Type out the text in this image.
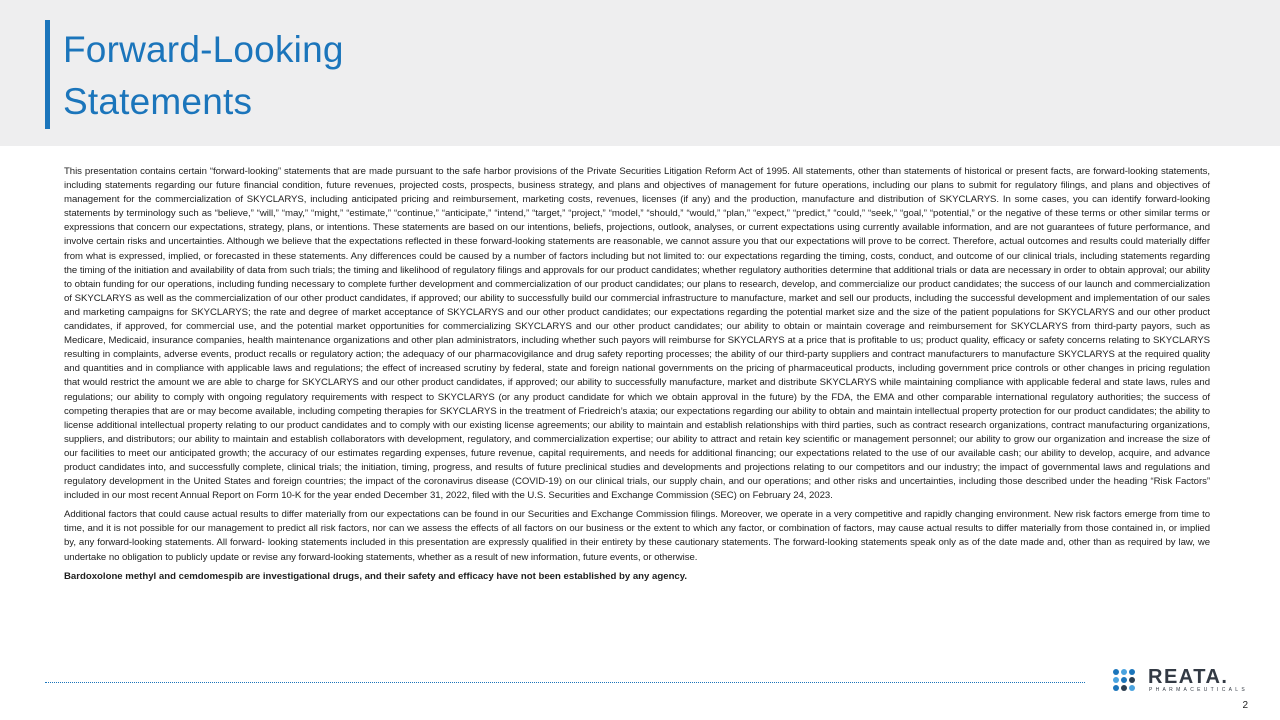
Forward-Looking
Statements

This presentation contains certain “forward-looking” statements that are made pursuant to the safe harbor provisions of the Private Securities Litigation Reform Act of 1995. All statements, other than statements of historical or present facts, are forward-looking statements, including statements regarding our future financial condition, future revenues, projected costs, prospects, business strategy, and plans and objectives of management for future operations, including our plans to submit for regulatory filings, and plans and objectives of management for the commercialization of SKYCLARYS, including anticipated pricing and reimbursement, marketing costs, revenues, licenses (if any) and the production, manufacture and distribution of SKYCLARYS. In some cases, you can identify forward-looking statements by terminology such as “believe,” “will,” “may,” “might,” “estimate,” “continue,” “anticipate,” “intend,” “target,” “project,” “model,” “should,” “would,” “plan,” “expect,” “predict,” “could,” “seek,” “goal,” “potential,” or the negative of these terms or other similar terms or expressions that concern our expectations, strategy, plans, or intentions. These statements are based on our intentions, beliefs, projections, outlook, analyses, or current expectations using currently available information, and are not guarantees of future performance, and involve certain risks and uncertainties. Although we believe that the expectations reflected in these forward-looking statements are reasonable, we cannot assure you that our expectations will prove to be correct. Therefore, actual outcomes and results could materially differ from what is expressed, implied, or forecasted in these statements. Any differences could be caused by a number of factors including but not limited to: our expectations regarding the timing, costs, conduct, and outcome of our clinical trials, including statements regarding the timing of the initiation and availability of data from such trials; the timing and likelihood of regulatory filings and approvals for our product candidates; whether regulatory authorities determine that additional trials or data are necessary in order to obtain approval; our ability to obtain funding for our operations, including funding necessary to complete further development and commercialization of our product candidates; our plans to research, develop, and commercialize our product candidates; the success of our launch and commercialization of SKYCLARYS as well as the commercialization of our other product candidates, if approved; our ability to successfully build our commercial infrastructure to manufacture, market and sell our products, including the successful development and implementation of our sales and marketing campaigns for SKYCLARYS; the rate and degree of market acceptance of SKYCLARYS and our other product candidates; our expectations regarding the potential market size and the size of the patient populations for SKYCLARYS and our other product candidates, if approved, for commercial use, and the potential market opportunities for commercializing SKYCLARYS and our other product candidates; our ability to obtain or maintain coverage and reimbursement for SKYCLARYS from third-party payors, such as Medicare, Medicaid, insurance companies, health maintenance organizations and other plan administrators, including whether such payors will reimburse for SKYCLARYS at a price that is profitable to us; product quality, efficacy or safety concerns relating to SKYCLARYS resulting in complaints, adverse events, product recalls or regulatory action; the adequacy of our pharmacovigilance and drug safety reporting processes; the ability of our third-party suppliers and contract manufacturers to manufacture SKYCLARYS at the required quality and quantities and in compliance with applicable laws and regulations; the effect of increased scrutiny by federal, state and foreign national governments on the pricing of pharmaceutical products, including government price controls or other changes in pricing regulation that would restrict the amount we are able to charge for SKYCLARYS and our other product candidates, if approved; our ability to successfully manufacture, market and distribute SKYCLARYS while maintaining compliance with applicable federal and state laws, rules and regulations; our ability to comply with ongoing regulatory requirements with respect to SKYCLARYS (or any product candidate for which we obtain approval in the future) by the FDA, the EMA and other comparable international regulatory authorities; the success of competing therapies that are or may become available, including competing therapies for SKYCLARYS in the treatment of Friedreich’s ataxia; our expectations regarding our ability to obtain and maintain intellectual property protection for our product candidates; the ability to license additional intellectual property relating to our product candidates and to comply with our existing license agreements; our ability to maintain and establish relationships with third parties, such as contract research organizations, contract manufacturing organizations, suppliers, and distributors; our ability to maintain and establish collaborators with development, regulatory, and commercialization expertise; our ability to attract and retain key scientific or management personnel; our ability to grow our organization and increase the size of our facilities to meet our anticipated growth; the accuracy of our estimates regarding expenses, future revenue, capital requirements, and needs for additional financing; our expectations related to the use of our available cash; our ability to develop, acquire, and advance product candidates into, and successfully complete, clinical trials; the initiation, timing, progress, and results of future preclinical studies and developments and projections relating to our competitors and our industry; the impact of governmental laws and regulations and regulatory development in the United States and foreign countries; the impact of the coronavirus disease (COVID-19) on our clinical trials, our supply chain, and our operations; and other risks and uncertainties, including those described under the heading “Risk Factors” included in our most recent Annual Report on Form 10-K for the year ended December 31, 2022, filed with the U.S. Securities and Exchange Commission (SEC) on February 24, 2023.

Additional factors that could cause actual results to differ materially from our expectations can be found in our Securities and Exchange Commission filings. Moreover, we operate in a very competitive and rapidly changing environment. New risk factors emerge from time to time, and it is not possible for our management to predict all risk factors, nor can we assess the effects of all factors on our business or the extent to which any factor, or combination of factors, may cause actual results to differ materially from those contained in, or implied by, any forward-looking statements. All forward- looking statements included in this presentation are expressly qualified in their entirety by these cautionary statements. The forward-looking statements speak only as of the date made and, other than as required by law, we undertake no obligation to publicly update or revise any forward-looking statements, whether as a result of new information, future events, or otherwise.

Bardoxolone methyl and cemdomespib are investigational drugs, and their safety and efficacy have not been established by any agency.

REATA.
PHARMACEUTICALS
2
